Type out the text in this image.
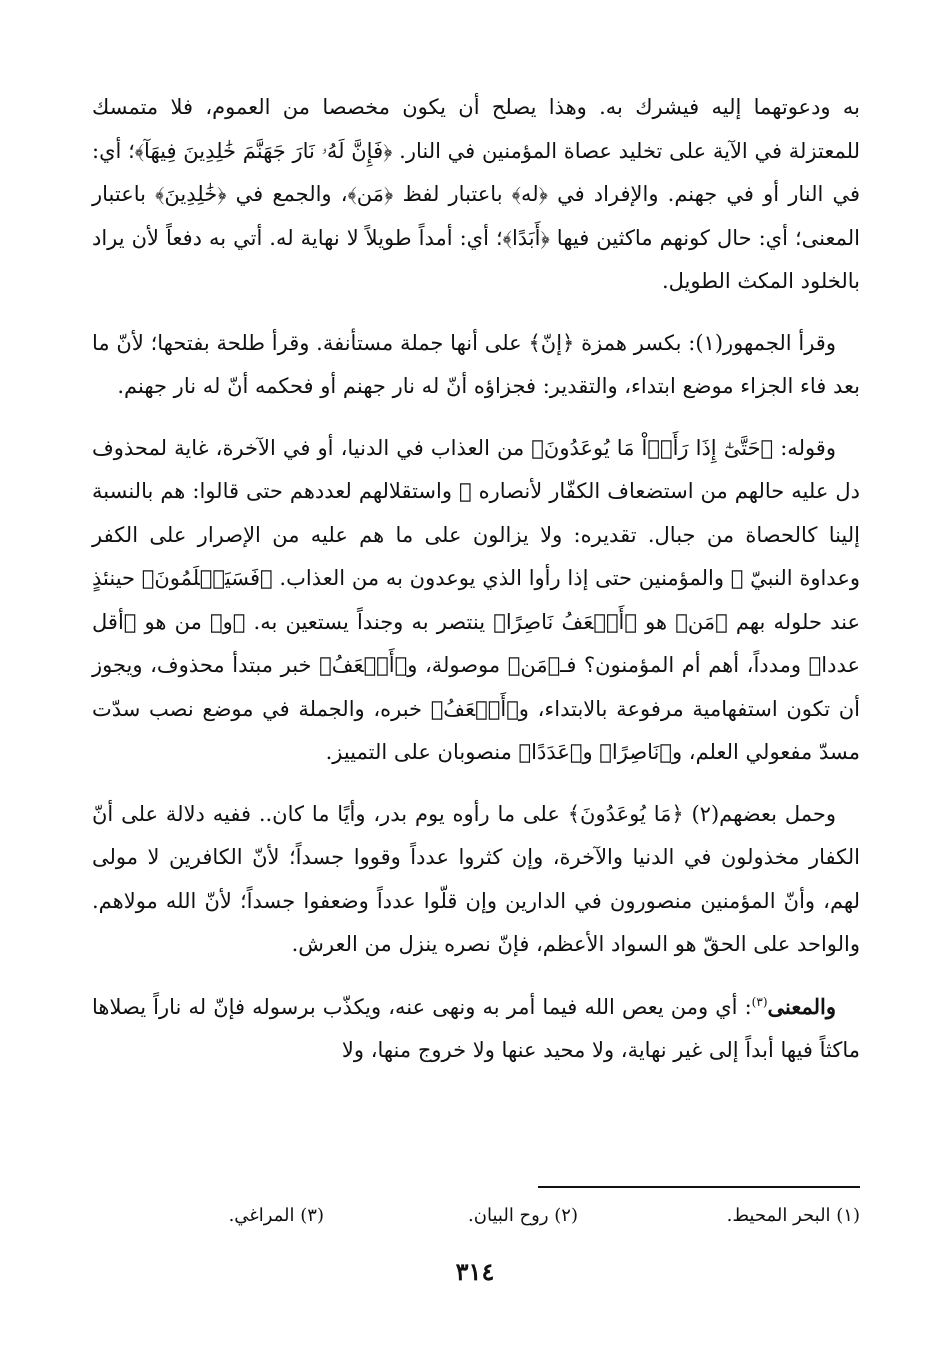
به ودعوتهما إليه فيشرك به. وهذا يصلح أن يكون مخصصا من العموم، فلا متمسك للمعتزلة في الآية على تخليد عصاة المؤمنين في النار. ﴿فَإِنَّ لَهُۥ نَارَ جَهَنَّمَ خَٰلِدِينَ فِيهَآ﴾؛ أي: في النار أو في جهنم. والإفراد في ﴿له﴾ باعتبار لفظ ﴿مَن﴾، والجمع في ﴿خَٰلِدِينَ﴾ باعتبار المعنى؛ أي: حال كونهم ماكثين فيها ﴿أَبَدًا﴾؛ أي: أمداً طويلاً لا نهاية له. أتي به دفعاً لأن يراد بالخلود المكث الطويل.

وقرأ الجمهور(١): بكسر همزة ﴿إنّ﴾ على أنها جملة مستأنفة. وقرأ طلحة بفتحها؛ لأنّ ما بعد فاء الجزاء موضع ابتداء، والتقدير: فجزاؤه أنّ له نار جهنم أو فحكمه أنّ له نار جهنم.

وقوله: ﴿حَتَّىٰٓ إِذَا رَأَوۡاْ مَا يُوعَدُونَ﴾ من العذاب في الدنيا، أو في الآخرة، غاية لمحذوف دل عليه حالهم من استضعاف الكفّار لأنصاره ﷺ واستقلالهم لعددهم حتى قالوا: هم بالنسبة إلينا كالحصاة من جبال. تقديره: ولا يزالون على ما هم عليه من الإصرار على الكفر وعداوة النبيّ ﷺ والمؤمنين حتى إذا رأوا الذي يوعدون به من العذاب. ﴿فَسَيَعۡلَمُونَ﴾ حينئذٍ عند حلوله بهم ﴿مَن﴾ هو ﴿أَضۡعَفُ نَاصِرًا﴾ ينتصر به وجنداً يستعين به. ﴿و﴾ من هو ﴿أقل عددا﴾ ومدداً، أهم أم المؤمنون؟ فـ﴿مَن﴾ موصولة، و﴿أَضۡعَفُ﴾ خبر مبتدأ محذوف، ويجوز أن تكون استفهامية مرفوعة بالابتداء، و﴿أَضۡعَفُ﴾ خبره، والجملة في موضع نصب سدّت مسدّ مفعولي العلم، و﴿نَاصِرًا﴾ و﴿عَدَدًا﴾ منصوبان على التمييز.

وحمل بعضهم(٢) ﴿مَا يُوعَدُونَ﴾ على ما رأوه يوم بدر، وأيًا ما كان.. ففيه دلالة على أنّ الكفار مخذولون في الدنيا والآخرة، وإن كثروا عدداً وقووا جسداً؛ لأنّ الكافرين لا مولى لهم، وأنّ المؤمنين منصورون في الدارين وإن قلّوا عدداً وضعفوا جسداً؛ لأنّ الله مولاهم. والواحد على الحقّ هو السواد الأعظم، فإنّ نصره ينزل من العرش.

والمعنى$^{(٣)}$: أي ومن يعص الله فيما أمر به ونهى عنه، ويكذّب برسوله فإنّ له ناراً يصلاها ماكثاً فيها أبداً إلى غير نهاية، ولا محيد عنها ولا خروج منها، ولا

(١) البحر المحيط.
(٢) روح البيان.
(٣) المراغي.
٣١٤
